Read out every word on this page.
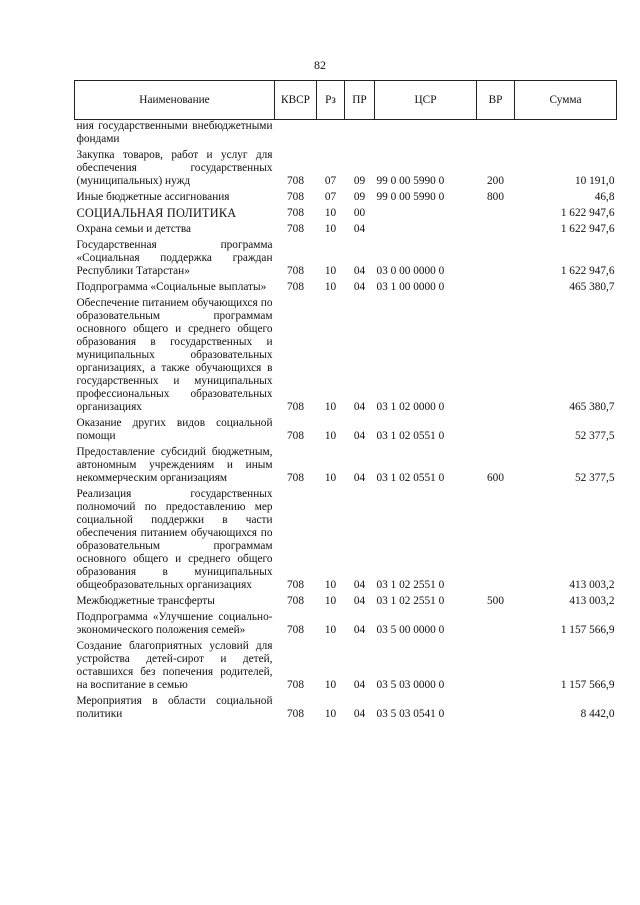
82
Наименование	КВСР	Рз	ПР	ЦСР	ВР	Сумма
ния государственными внебюджетными фондами						
Закупка товаров, работ и услуг для обеспечения государственных (муниципальных) нужд	708	07	09	99 0 00 5990 0	200	10 191,0
Иные бюджетные ассигнования	708	07	09	99 0 00 5990 0	800	46,8
СОЦИАЛЬНАЯ ПОЛИТИКА	708	10	00			1 622 947,6
Охрана семьи и детства	708	10	04			1 622 947,6
Государственная программа «Социальная поддержка граждан Республики Татарстан»	708	10	04	03 0 00 0000 0		1 622 947,6
Подпрограмма «Социальные выплаты»	708	10	04	03 1 00 0000 0		465 380,7
Обеспечение питанием обучающихся по образовательным программам основного общего и среднего общего образования в государственных и муниципальных образовательных организациях, а также обучающихся в государственных и муниципальных профессиональных образовательных организациях	708	10	04	03 1 02 0000 0		465 380,7
Оказание других видов социальной помощи	708	10	04	03 1 02 0551 0		52 377,5
Предоставление субсидий бюджетным, автономным учреждениям и иным некоммерческим организациям	708	10	04	03 1 02 0551 0	600	52 377,5
Реализация государственных полномочий по предоставлению мер социальной поддержки в части обеспечения питанием обучающихся по образовательным программам основного общего и среднего общего образования в муниципальных общеобразовательных организациях	708	10	04	03 1 02 2551 0		413 003,2
Межбюджетные трансферты	708	10	04	03 1 02 2551 0	500	413 003,2
Подпрограмма «Улучшение социально-экономического положения семей»	708	10	04	03 5 00 0000 0		1 157 566,9
Создание благоприятных условий для устройства детей-сирот и детей, оставшихся без попечения родителей, на воспитание в семью	708	10	04	03 5 03 0000 0		1 157 566,9
Мероприятия в области социальной политики	708	10	04	03 5 03 0541 0		8 442,0
